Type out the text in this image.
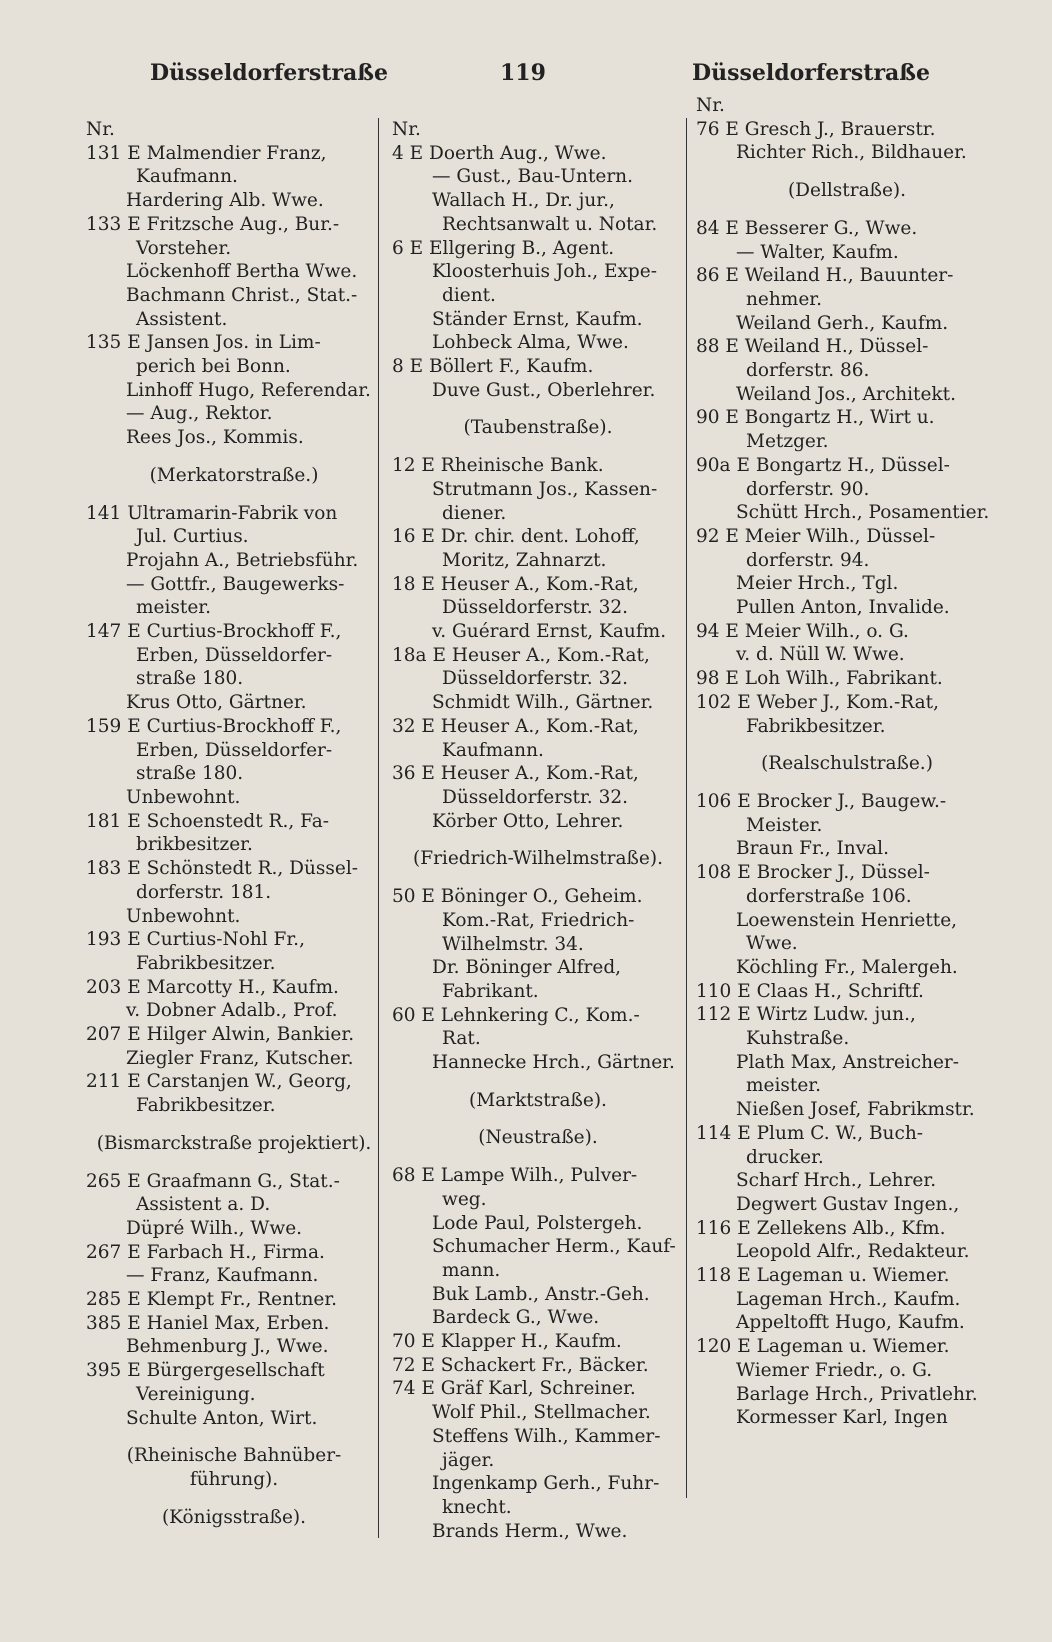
Düsseldorferstraße	119	Düsseldorferstraße
Nr.
131 E Malmendier Franz,
Kaufmann.
Hardering Alb. Wwe.
133 E Fritzsche Aug., Bur.-
Vorsteher.
Löckenhoff Bertha Wwe.
Bachmann Christ., Stat.-
Assistent.
135 E Jansen Jos. in Lim-
perich bei Bonn.
Linhoff Hugo, Referendar.
— Aug., Rektor.
Rees Jos., Kommis.
(Merkatorstraße.)
141 Ultramarin-Fabrik von
Jul. Curtius.
Projahn A., Betriebsführ.
— Gottfr., Baugewerks-
meister.
147 E Curtius-Brockhoff F.,
Erben, Düsseldorfer-
straße 180.
Krus Otto, Gärtner.
159 E Curtius-Brockhoff F.,
Erben, Düsseldorfer-
straße 180.
Unbewohnt.
181 E Schoenstedt R., Fa-
brikbesitzer.
183 E Schönstedt R., Düssel-
dorferstr. 181.
Unbewohnt.
193 E Curtius-Nohl Fr.,
Fabrikbesitzer.
203 E Marcotty H., Kaufm.
v. Dobner Adalb., Prof.
207 E Hilger Alwin, Bankier.
Ziegler Franz, Kutscher.
211 E Carstanjen W., Georg,
Fabrikbesitzer.
(Bismarckstraße projektiert).
265 E Graafmann G., Stat.-
Assistent a. D.
Düpré Wilh., Wwe.
267 E Farbach H., Firma.
— Franz, Kaufmann.
285 E Klempt Fr., Rentner.
385 E Haniel Max, Erben.
Behmenburg J., Wwe.
395 E Bürgergesellschaft
Vereinigung.
Schulte Anton, Wirt.
(Rheinische Bahnüber-
führung).
(Königsstraße).
Nr.
4 E Doerth Aug., Wwe.
— Gust., Bau-Untern.
Wallach H., Dr. jur.,
Rechtsanwalt u. Notar.
6 E Ellgering B., Agent.
Kloosterhuis Joh., Expe-
dient.
Ständer Ernst, Kaufm.
Lohbeck Alma, Wwe.
8 E Böllert F., Kaufm.
Duve Gust., Oberlehrer.
(Taubenstraße).
12 E Rheinische Bank.
Strutmann Jos., Kassen-
diener.
16 E Dr. chir. dent. Lohoff,
Moritz, Zahnarzt.
18 E Heuser A., Kom.-Rat,
Düsseldorferstr. 32.
v. Guérard Ernst, Kaufm.
18a E Heuser A., Kom.-Rat,
Düsseldorferstr. 32.
Schmidt Wilh., Gärtner.
32 E Heuser A., Kom.-Rat,
Kaufmann.
36 E Heuser A., Kom.-Rat,
Düsseldorferstr. 32.
Körber Otto, Lehrer.
(Friedrich-Wilhelmstraße).
50 E Böninger O., Geheim.
Kom.-Rat, Friedrich-
Wilhelmstr. 34.
Dr. Böninger Alfred,
Fabrikant.
60 E Lehnkering C., Kom.-
Rat.
Hannecke Hrch., Gärtner.
(Marktstraße).
(Neustraße).
68 E Lampe Wilh., Pulver-
weg.
Lode Paul, Polstergeh.
Schumacher Herm., Kauf-
mann.
Buk Lamb., Anstr.-Geh.
Bardeck G., Wwe.
70 E Klapper H., Kaufm.
72 E Schackert Fr., Bäcker.
74 E Gräf Karl, Schreiner.
Wolf Phil., Stellmacher.
Steffens Wilh., Kammer-
jäger.
Ingenkamp Gerh., Fuhr-
knecht.
Brands Herm., Wwe.
Nr.
76 E Gresch J., Brauerstr.
Richter Rich., Bildhauer.
(Dellstraße).
84 E Besserer G., Wwe.
— Walter, Kaufm.
86 E Weiland H., Bauunter-
nehmer.
Weiland Gerh., Kaufm.
88 E Weiland H., Düssel-
dorferstr. 86.
Weiland Jos., Architekt.
90 E Bongartz H., Wirt u.
Metzger.
90a E Bongartz H., Düssel-
dorferstr. 90.
Schütt Hrch., Posamentier.
92 E Meier Wilh., Düssel-
dorferstr. 94.
Meier Hrch., Tgl.
Pullen Anton, Invalide.
94 E Meier Wilh., o. G.
v. d. Nüll W. Wwe.
98 E Loh Wilh., Fabrikant.
102 E Weber J., Kom.-Rat,
Fabrikbesitzer.
(Realschulstraße.)
106 E Brocker J., Baugew.-
Meister.
Braun Fr., Inval.
108 E Brocker J., Düssel-
dorferstraße 106.
Loewenstein Henriette,
Wwe.
Köchling Fr., Malergeh.
110 E Claas H., Schriftf.
112 E Wirtz Ludw. jun.,
Kuhstraße.
Plath Max, Anstreicher-
meister.
Nießen Josef, Fabrikmstr.
114 E Plum C. W., Buch-
drucker.
Scharf Hrch., Lehrer.
Degwert Gustav Ingen.,
116 E Zellekens Alb., Kfm.
Leopold Alfr., Redakteur.
118 E Lageman u. Wiemer.
Lageman Hrch., Kaufm.
Appeltofft Hugo, Kaufm.
120 E Lageman u. Wiemer.
Wiemer Friedr., o. G.
Barlage Hrch., Privatlehr.
Kormesser Karl, Ingen
